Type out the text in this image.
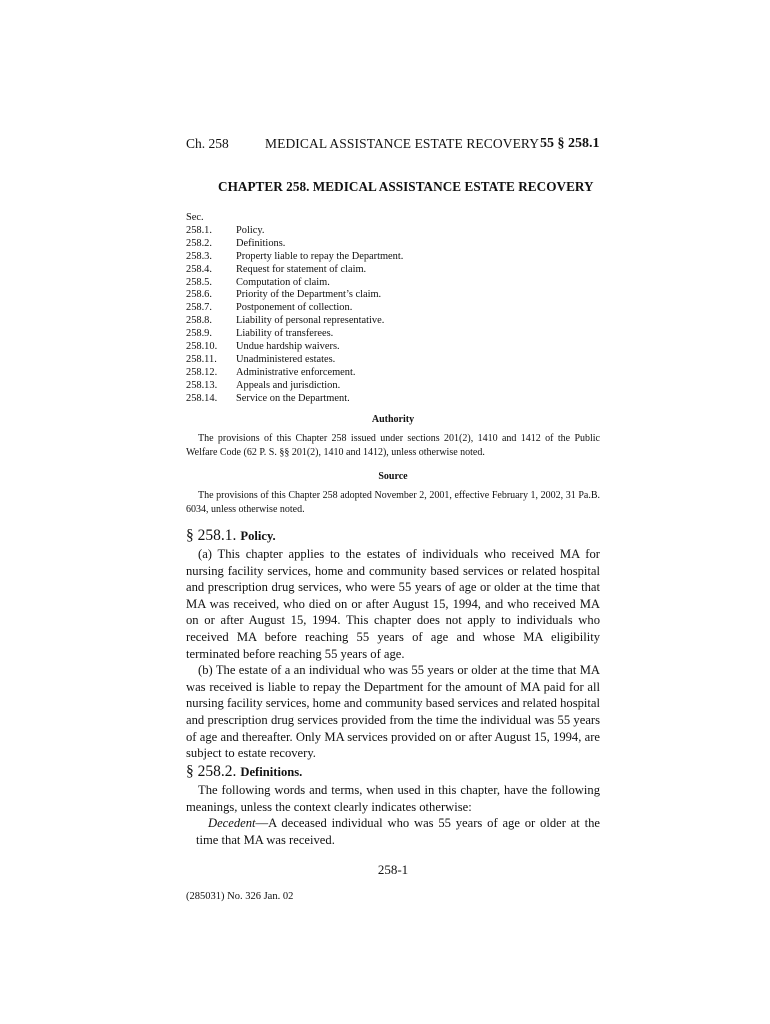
Ch. 258	MEDICAL ASSISTANCE ESTATE RECOVERY 55 § 258.1
CHAPTER 258. MEDICAL ASSISTANCE ESTATE RECOVERY
Sec.
258.1.	Policy.
258.2.	Definitions.
258.3.	Property liable to repay the Department.
258.4.	Request for statement of claim.
258.5.	Computation of claim.
258.6.	Priority of the Department’s claim.
258.7.	Postponement of collection.
258.8.	Liability of personal representative.
258.9.	Liability of transferees.
258.10.	Undue hardship waivers.
258.11.	Unadministered estates.
258.12.	Administrative enforcement.
258.13.	Appeals and jurisdiction.
258.14.	Service on the Department.
Authority
The provisions of this Chapter 258 issued under sections 201(2), 1410 and 1412 of the Public Welfare Code (62 P. S. §§ 201(2), 1410 and 1412), unless otherwise noted.
Source
The provisions of this Chapter 258 adopted November 2, 2001, effective February 1, 2002, 31 Pa.B. 6034, unless otherwise noted.
§ 258.1. Policy.

(a) This chapter applies to the estates of individuals who received MA for nursing facility services, home and community based services or related hospital and prescription drug services, who were 55 years of age or older at the time that MA was received, who died on or after August 15, 1994, and who received MA on or after August 15, 1994. This chapter does not apply to individuals who received MA before reaching 55 years of age and whose MA eligibility terminated before reaching 55 years of age.

(b) The estate of a an individual who was 55 years or older at the time that MA was received is liable to repay the Department for the amount of MA paid for all nursing facility services, home and community based services and related hospital and prescription drug services provided from the time the individual was 55 years of age and thereafter. Only MA services provided on or after August 15, 1994, are subject to estate recovery.

§ 258.2. Definitions.

The following words and terms, when used in this chapter, have the following meanings, unless the context clearly indicates otherwise:

Decedent—A deceased individual who was 55 years of age or older at the time that MA was received.

258-1
(285031) No. 326 Jan. 02
